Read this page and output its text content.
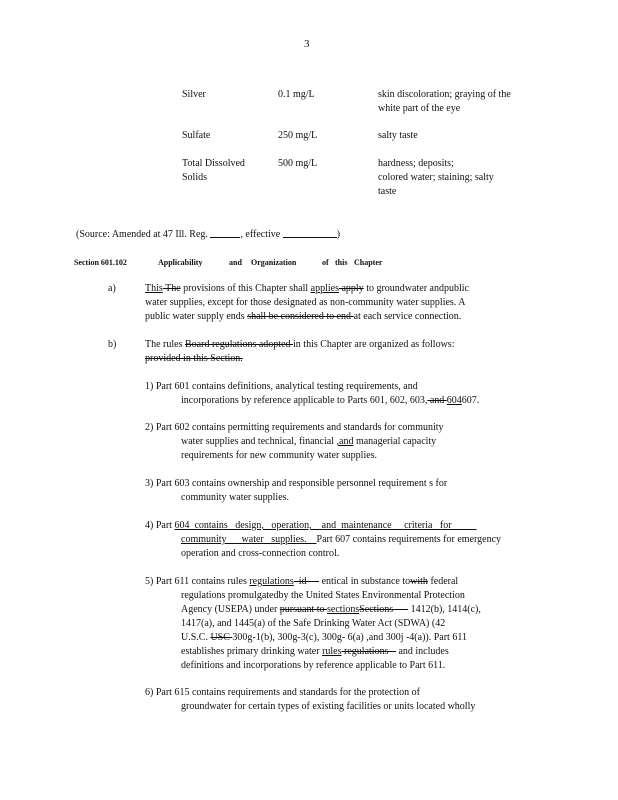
3
Silver	0.1 mg/L	skin discoloration; graying of the
white part of the eye
Sulfate	250 mg/L	salty taste
Total Dissolved
Solids
500 mg/L	hardness; deposits;
colored water; staining; salty
taste
(Source: Amended at 47 Ill. Reg.	, effective	)
Section 601.102	Applicability	and Organization	of this Chapter
a)	This The provisions of this Chapter shall applies apply to groundwater andpublic
water supplies, except for those designated as non-community water supplies. A
public water supply ends shall be considered to end at each service connection.
b)	The rules Board regulations adopted in this Chapter are organized as follows:
provided in this Section.
1) Part 601 contains definitions, analytical testing requirements, and
incorporations by reference applicable to Parts 601, 602, 603, and 604607.
2) Part 602 contains permitting requirements and standards for community
water supplies and technical, financial ,and managerial capacity
requirements for new community water supplies.
3) Part 603 contains ownership and responsible personnel requirement s for
community water supplies.
4) Part 604  contains   design,   operation,    and  maintenance     criteria   for
community      water   supplies.    Part 607 contains requirements for emergency
operation and cross-connection control.
5) Part 611 contains rules regulations  id      entical in substance towith federal
regulations promulgatedby the United States Environmental Protection
Agency (USEPA) under pursuant to sectionsSections       1412(b), 1414(c),
1417(a), and 1445(a) of the Safe Drinking Water Act (SDWA) (42
U.S.C. USC 300g-1(b), 300g-3(c), 300g- 6(a) ,and 300j -4(a)). Part 611
establishes primary drinking water rules regulations    and includes
definitions and incorporations by reference applicable to Part 611.
6) Part 615 contains requirements and standards for the protection of
groundwater for certain types of existing facilities or units located wholly
